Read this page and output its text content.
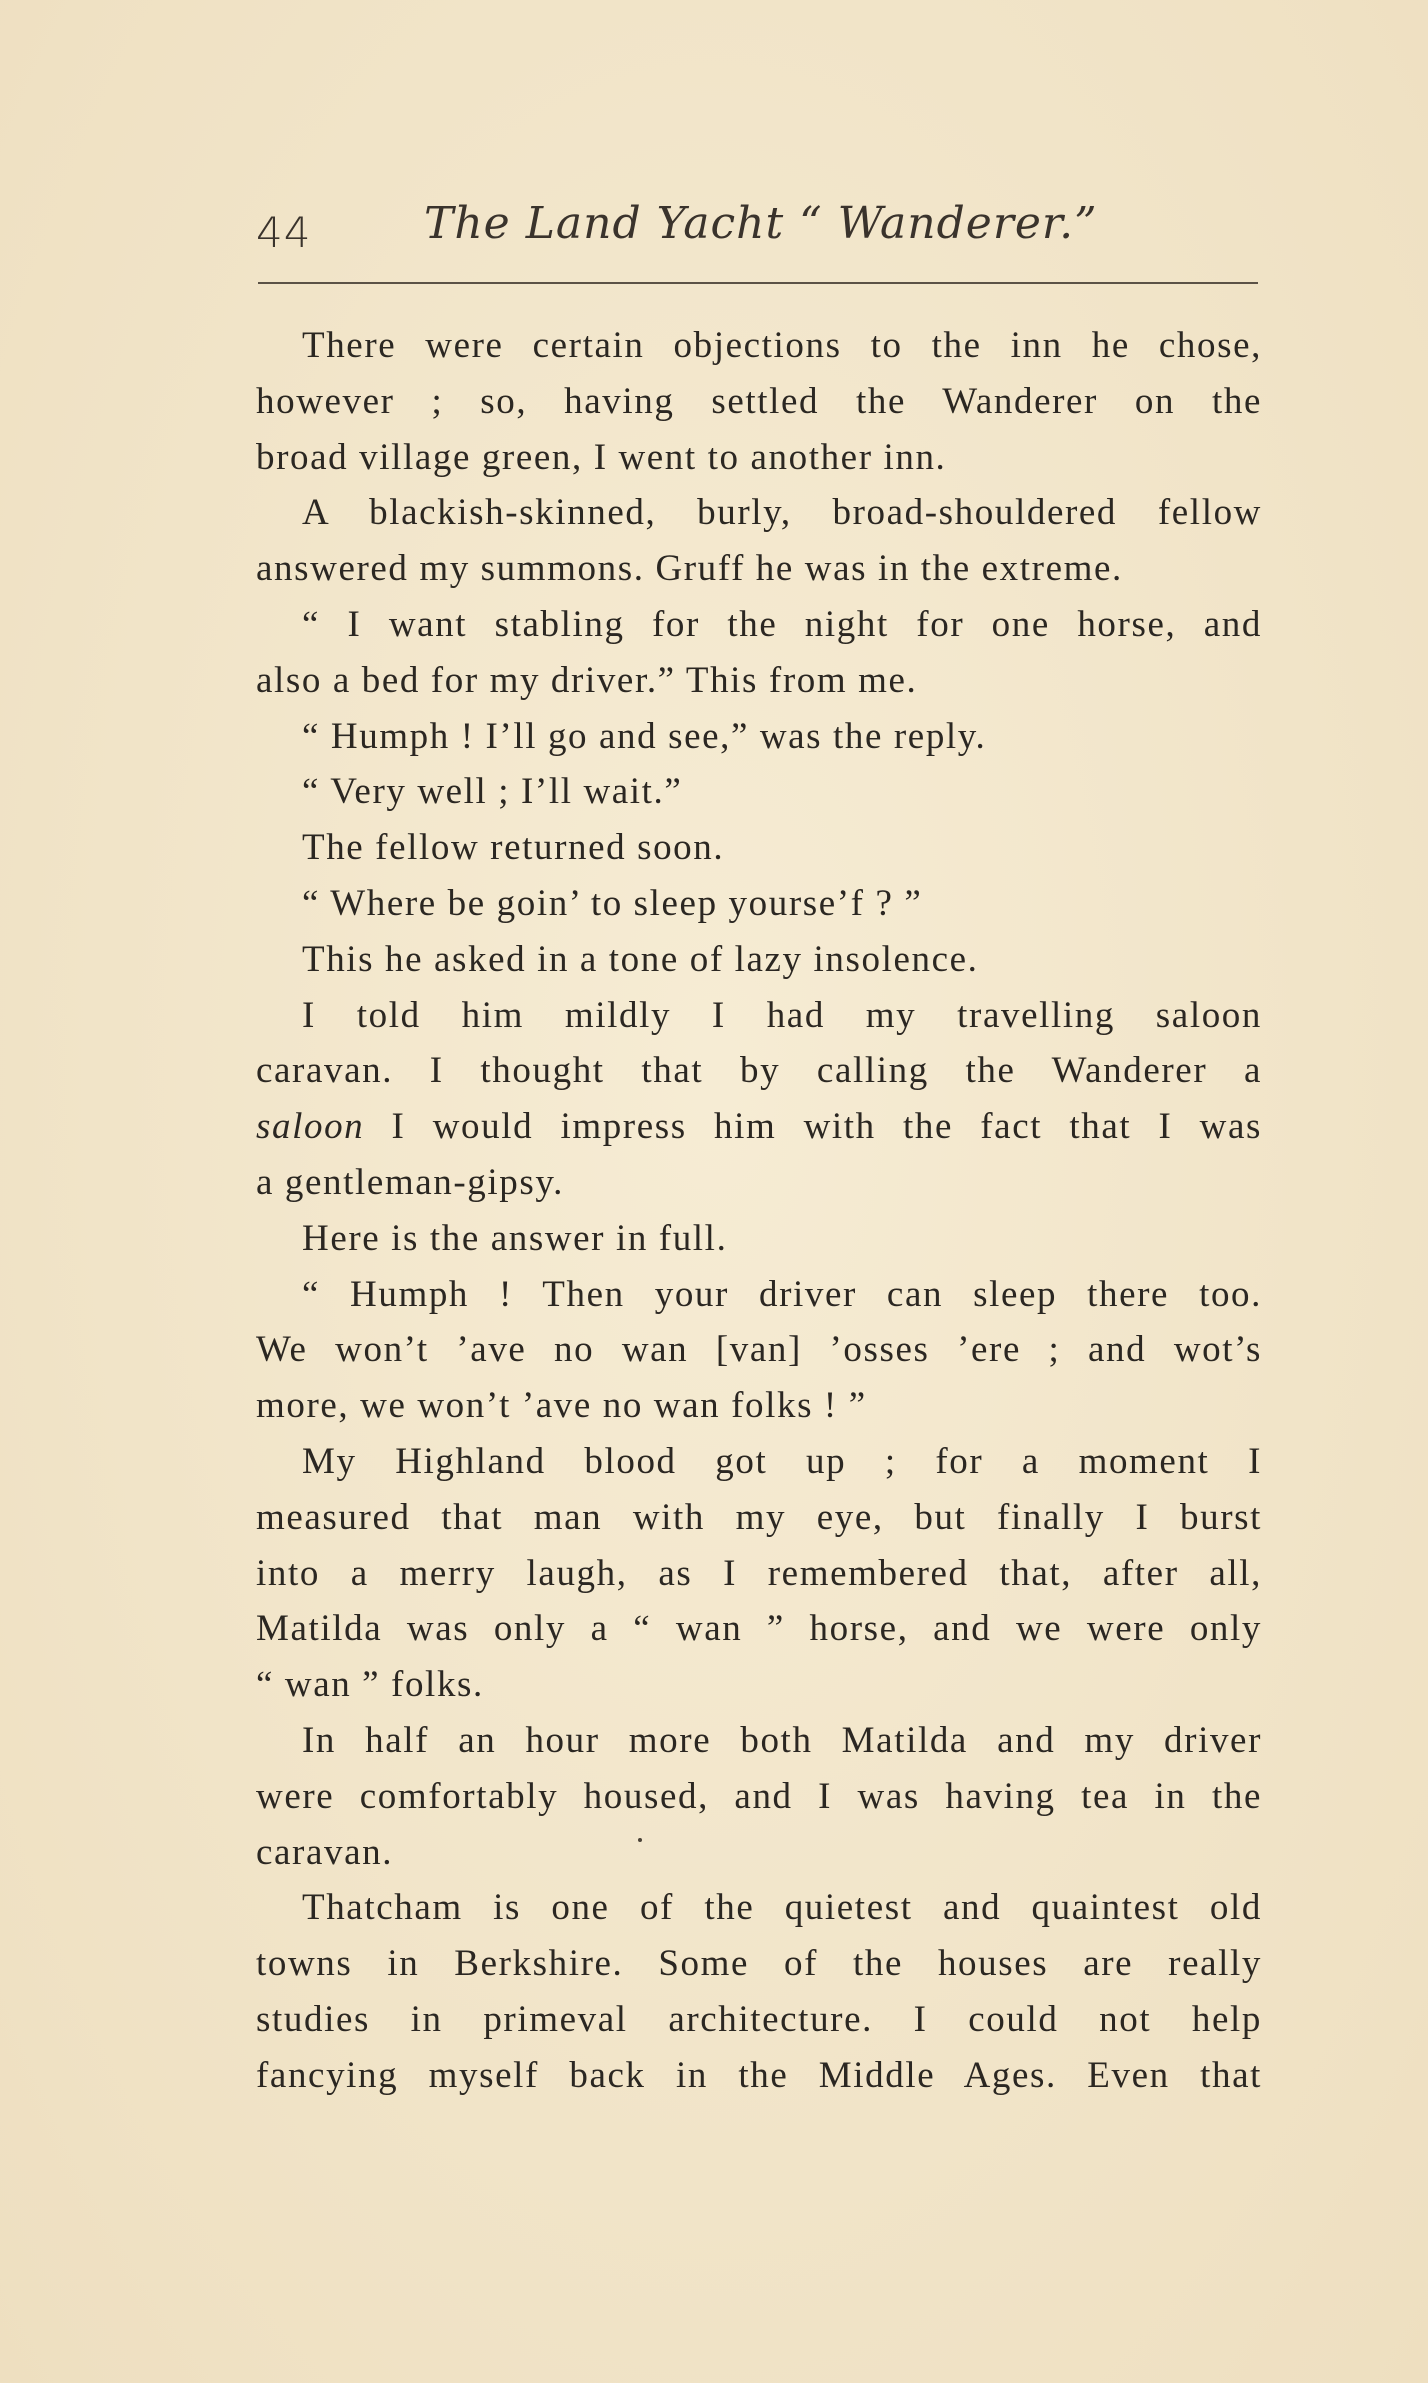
44	The Land Yacht “ Wanderer.”
There were certain objections to the inn he chose,
however ; so, having settled the Wanderer on the
broad village green, I went to another inn.
A blackish-skinned, burly, broad-shouldered fellow
answered my summons. Gruff he was in the extreme.
“ I want stabling for the night for one horse, and
also a bed for my driver.” This from me.
“ Humph ! I’ll go and see,” was the reply.
“ Very well ; I’ll wait.”
The fellow returned soon.
“ Where be goin’ to sleep yourse’f ? ”
This he asked in a tone of lazy insolence.
I told him mildly I had my travelling saloon
caravan. I thought that by calling the Wanderer a
saloon I would impress him with the fact that I was
a gentleman-gipsy.
Here is the answer in full.
“ Humph ! Then your driver can sleep there too.
We won’t ’ave no wan [van] ’osses ’ere ; and wot’s
more, we won’t ’ave no wan folks ! ”
My Highland blood got up ; for a moment I
measured that man with my eye, but finally I burst
into a merry laugh, as I remembered that, after all,
Matilda was only a “ wan ” horse, and we were only
“ wan ” folks.
In half an hour more both Matilda and my driver
were comfortably housed, and I was having tea in the
caravan.
Thatcham is one of the quietest and quaintest old
towns in Berkshire. Some of the houses are really
studies in primeval architecture. I could not help
fancying myself back in the Middle Ages. Even that
